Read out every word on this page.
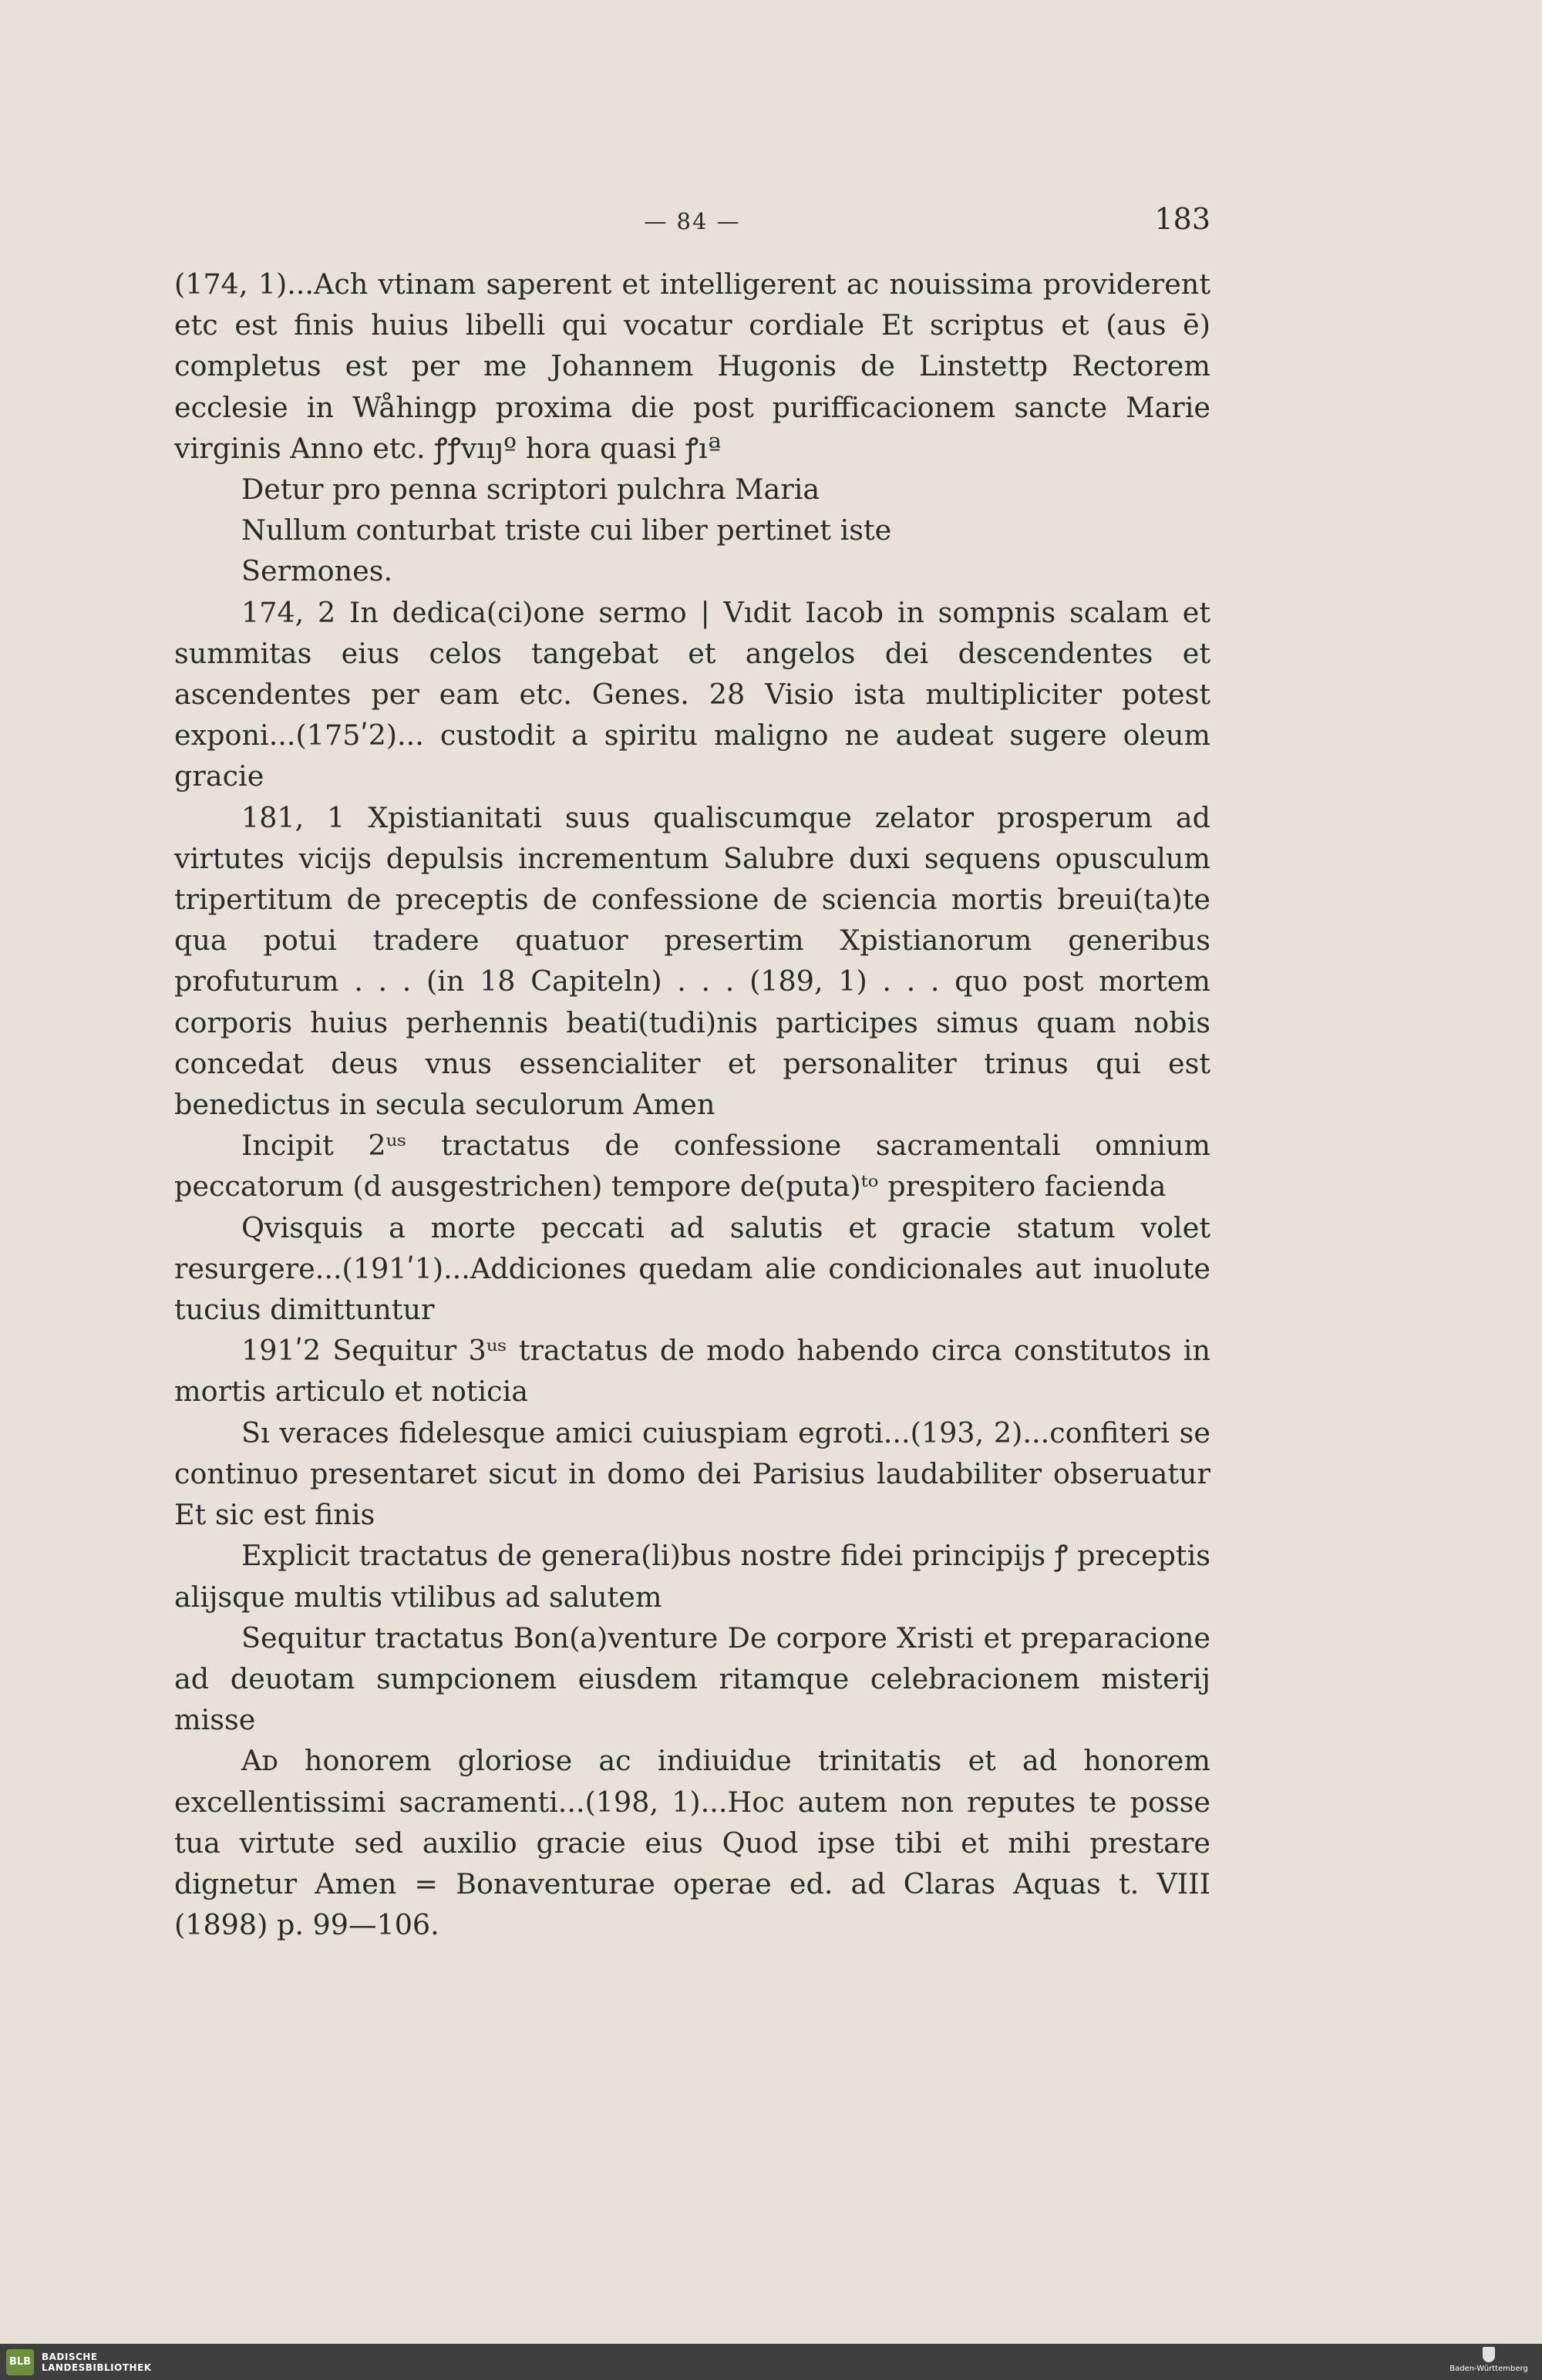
— 84 —	183

(174, 1)...Ach vtinam saperent et intelligerent ac nouissima providerent etc est finis huius libelli qui vocatur cordiale Et scriptus et (aus ē) completus est per me Johannem Hugonis de Linstettp Rectorem ecclesie in Wåhingp proxima die post purifficacionem sancte Marie virginis Anno etc. ꝭꝭvııȷº hora quasi ꝭıª

Detur pro penna scriptori pulchra Maria

Nullum conturbat triste cui liber pertinet iste

Sermones.

174, 2 In dedica(ci)one sermo | Vıdit Iacob in sompnis scalam et summitas eius celos tangebat et angelos dei descendentes et ascendentes per eam etc. Genes. 28 Visio ista multipliciter potest exponi...(175ʹ2)... custodit a spiritu maligno ne audeat sugere oleum gracie

181, 1 Xpistianitati suus qualiscumque zelator prosperum ad virtutes vicijs depulsis incrementum Salubre duxi sequens opusculum tripertitum de preceptis de confessione de sciencia mortis breui(ta)te qua potui tradere quatuor presertim Xpistianorum generibus profuturum . . . (in 18 Capiteln) . . . (189, 1) . . . quo post mortem corporis huius perhennis beati(tudi)nis participes simus quam nobis concedat deus vnus essencialiter et personaliter trinus qui est benedictus in secula seculorum Amen

Incipit 2ᵘˢ tractatus de confessione sacramentali omnium peccatorum (d ausgestrichen) tempore de(puta)ᵗᵒ prespitero facienda

Qvisquis a morte peccati ad salutis et gracie statum volet resurgere...(191ʹ1)...Addiciones quedam alie condicionales aut inuolute tucius dimittuntur

191ʹ2 Sequitur 3ᵘˢ tractatus de modo habendo circa constitutos in mortis articulo et noticia

Sı veraces fidelesque amici cuiuspiam egroti...(193, 2)...confiteri se continuo presentaret sicut in domo dei Parisius laudabiliter obseruatur Et sic est finis

Explicit tractatus de genera(li)bus nostre fidei principijs ꝭ preceptis alijsque multis vtilibus ad salutem

Sequitur tractatus Bon(a)venture De corpore Xristi et preparacione ad deuotam sumpcionem eiusdem ritamque celebracionem misterij misse

Aᴅ honorem gloriose ac indiuidue trinitatis et ad honorem excellentissimi sacramenti...(198, 1)...Hoc autem non reputes te posse tua virtute sed auxilio gracie eius Quod ipse tibi et mihi prestare dignetur Amen = Bonaventurae operae ed. ad Claras Aquas t. VIII (1898) p. 99—106.

BLB	BADISCHE
LANDESBIBLIOTHEK	Baden-Württemberg
